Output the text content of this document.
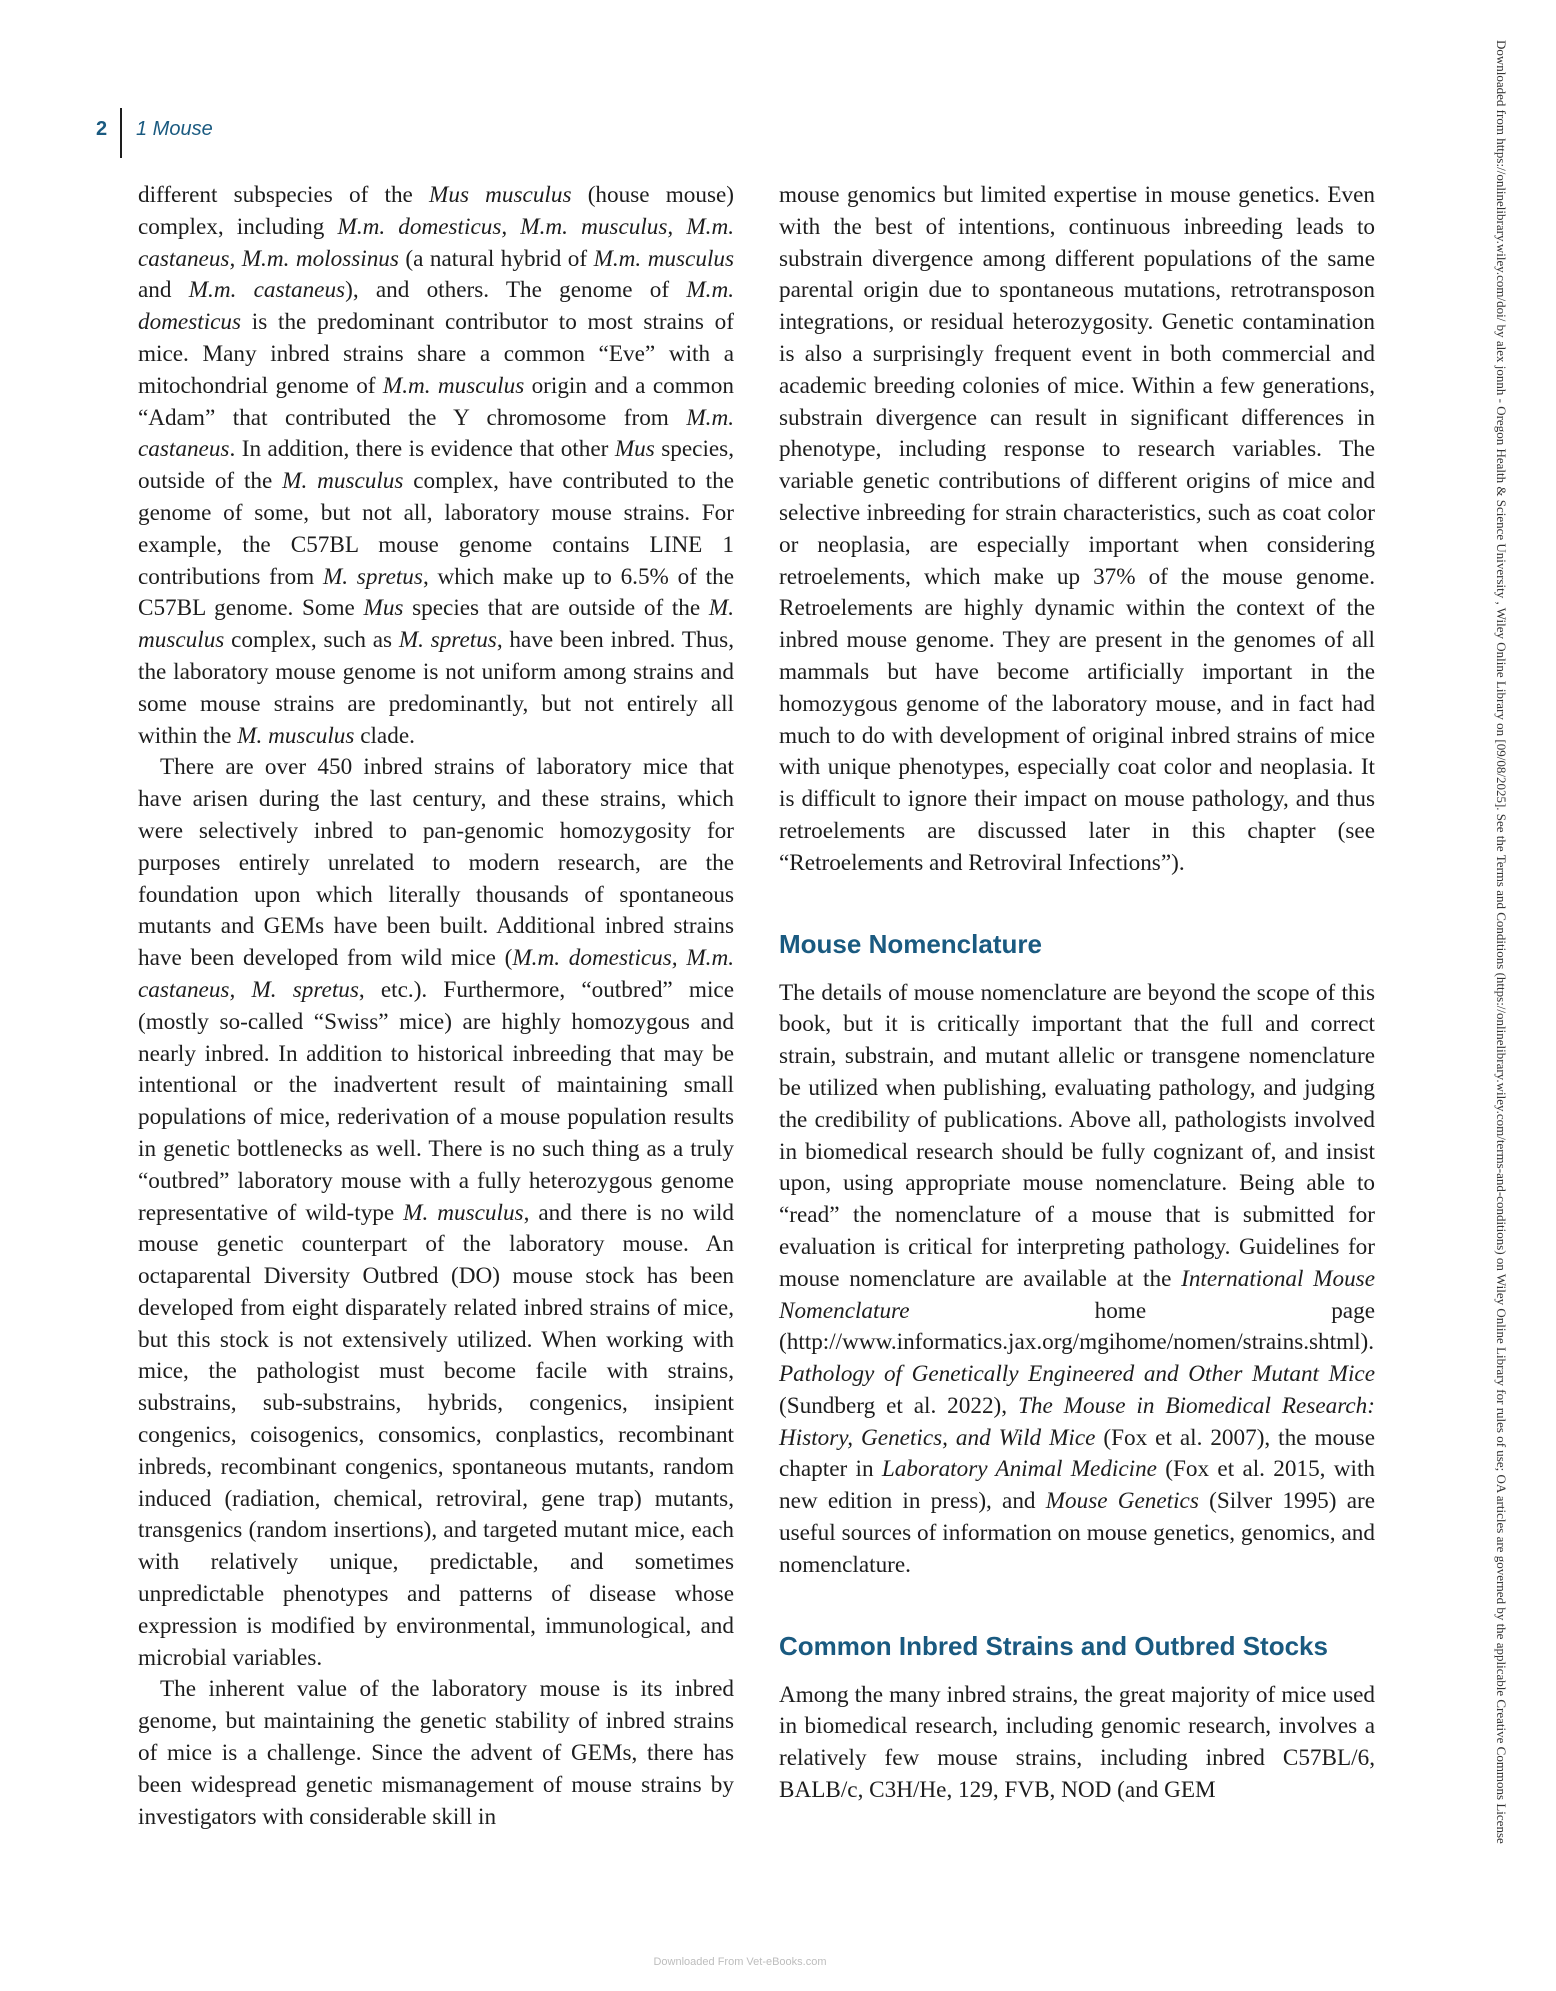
2 1 Mouse

different subspecies of the Mus musculus (house mouse) complex, including M.m. domesticus, M.m. musculus, M.m. castaneus, M.m. molossinus (a natural hybrid of M.m. musculus and M.m. castaneus), and others. The genome of M.m. domesticus is the predominant contributor to most strains of mice. Many inbred strains share a common “Eve” with a mitochondrial genome of M.m. musculus origin and a common “Adam” that contributed the Y chromosome from M.m. castaneus. In addition, there is evidence that other Mus species, outside of the M. musculus complex, have contributed to the genome of some, but not all, laboratory mouse strains. For example, the C57BL mouse genome contains LINE 1 contributions from M. spretus, which make up to 6.5% of the C57BL genome. Some Mus species that are outside of the M. musculus complex, such as M. spretus, have been inbred. Thus, the laboratory mouse genome is not uniform among strains and some mouse strains are predominantly, but not entirely all within the M. musculus clade.

There are over 450 inbred strains of laboratory mice that have arisen during the last century, and these strains, which were selectively inbred to pan-genomic homozygosity for purposes entirely unrelated to modern research, are the foundation upon which literally thousands of spontaneous mutants and GEMs have been built. Additional inbred strains have been developed from wild mice (M.m. domesticus, M.m. castaneus, M. spretus, etc.). Furthermore, “outbred” mice (mostly so-called “Swiss” mice) are highly homozygous and nearly inbred. In addition to historical inbreeding that may be intentional or the inadvertent result of maintaining small populations of mice, rederivation of a mouse population results in genetic bottlenecks as well. There is no such thing as a truly “outbred” laboratory mouse with a fully heterozygous genome representative of wild-type M. musculus, and there is no wild mouse genetic counterpart of the laboratory mouse. An octaparental Diversity Outbred (DO) mouse stock has been developed from eight disparately related inbred strains of mice, but this stock is not extensively utilized. When working with mice, the pathologist must become facile with strains, substrains, sub-substrains, hybrids, congenics, insipient congenics, coisogenics, consomics, conplastics, recombinant inbreds, recombinant congenics, spontaneous mutants, random induced (radiation, chemical, retroviral, gene trap) mutants, transgenics (random insertions), and targeted mutant mice, each with relatively unique, predictable, and sometimes unpredictable phenotypes and patterns of disease whose expression is modified by environmental, immunological, and microbial variables.

The inherent value of the laboratory mouse is its inbred genome, but maintaining the genetic stability of inbred strains of mice is a challenge. Since the advent of GEMs, there has been widespread genetic mismanagement of mouse strains by investigators with considerable skill in

mouse genomics but limited expertise in mouse genetics. Even with the best of intentions, continuous inbreeding leads to substrain divergence among different populations of the same parental origin due to spontaneous mutations, retrotransposon integrations, or residual heterozygosity. Genetic contamination is also a surprisingly frequent event in both commercial and academic breeding colonies of mice. Within a few generations, substrain divergence can result in significant differences in phenotype, including response to research variables. The variable genetic contributions of different origins of mice and selective inbreeding for strain characteristics, such as coat color or neoplasia, are especially important when considering retroelements, which make up 37% of the mouse genome. Retroelements are highly dynamic within the context of the inbred mouse genome. They are present in the genomes of all mammals but have become artificially important in the homozygous genome of the laboratory mouse, and in fact had much to do with development of original inbred strains of mice with unique phenotypes, especially coat color and neoplasia. It is difficult to ignore their impact on mouse pathology, and thus retroelements are discussed later in this chapter (see “Retroelements and Retroviral Infections”).

Mouse Nomenclature

The details of mouse nomenclature are beyond the scope of this book, but it is critically important that the full and correct strain, substrain, and mutant allelic or transgene nomenclature be utilized when publishing, evaluating pathology, and judging the credibility of publications. Above all, pathologists involved in biomedical research should be fully cognizant of, and insist upon, using appropriate mouse nomenclature. Being able to “read” the nomenclature of a mouse that is submitted for evaluation is critical for interpreting pathology. Guidelines for mouse nomenclature are available at the International Mouse Nomenclature home page (http://www.informatics.jax.org/mgihome/nomen/strains.shtml). Pathology of Genetically Engineered and Other Mutant Mice (Sundberg et al. 2022), The Mouse in Biomedical Research: History, Genetics, and Wild Mice (Fox et al. 2007), the mouse chapter in Laboratory Animal Medicine (Fox et al. 2015, with new edition in press), and Mouse Genetics (Silver 1995) are useful sources of information on mouse genetics, genomics, and nomenclature.

Common Inbred Strains and Outbred Stocks

Among the many inbred strains, the great majority of mice used in biomedical research, including genomic research, involves a relatively few mouse strains, including inbred C57BL/6, BALB/c, C3H/He, 129, FVB, NOD (and GEM	Downloaded from https://onlinelibrary.wiley.com/doi/ by alex jonnh - Oregon Health & Science University , Wiley Online Library on [09/08/2025]. See the Terms and Conditions (https://onlinelibrary.wiley.com/terms-and-conditions) on Wiley Online Library for rules of use; OA articles are governed by the applicable Creative Commons License
Downloaded From Vet-eBooks.com
